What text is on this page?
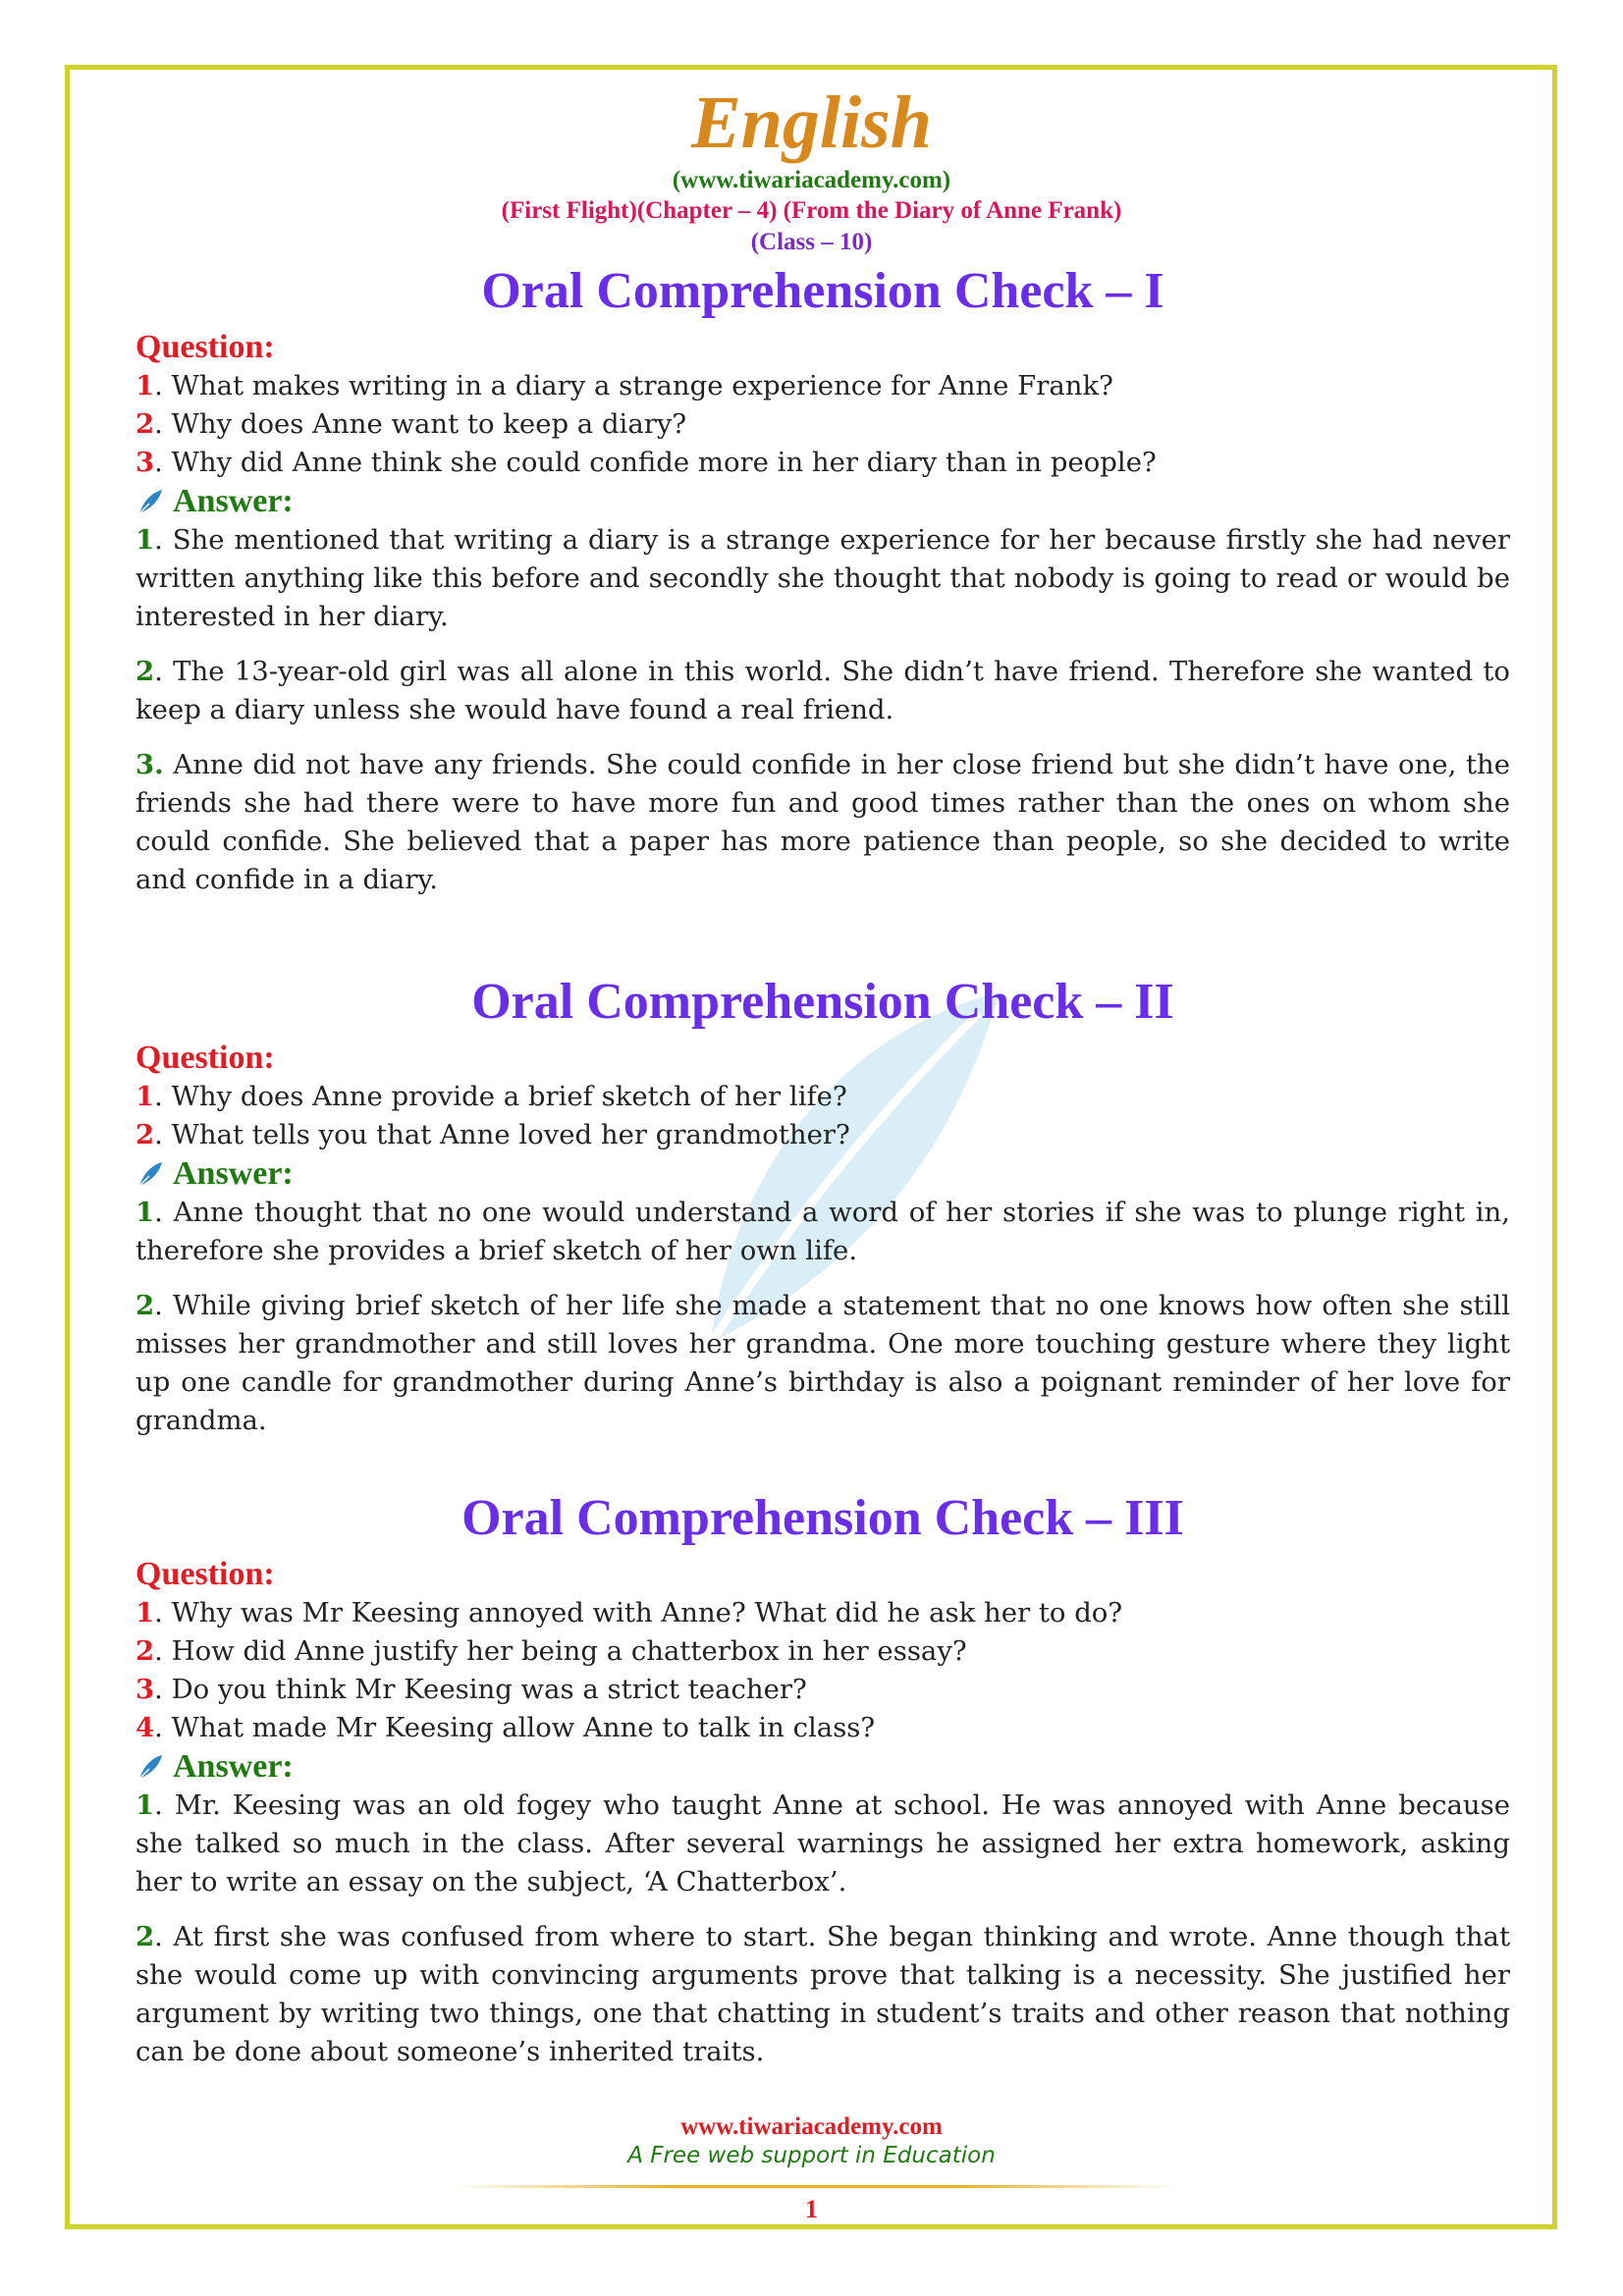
English
(www.tiwariacademy.com)
(First Flight)(Chapter – 4) (From the Diary of Anne Frank)
(Class – 10)
Oral Comprehension Check – I
Question:
1. What makes writing in a diary a strange experience for Anne Frank?
2. Why does Anne want to keep a diary?
3. Why did Anne think she could confide more in her diary than in people?
Answer:

1. She mentioned that writing a diary is a strange experience for her because firstly she had never written anything like this before and secondly she thought that nobody is going to read or would be interested in her diary.

2. The 13-year-old girl was all alone in this world. She didn’t have friend. Therefore she wanted to keep a diary unless she would have found a real friend.

3. Anne did not have any friends. She could confide in her close friend but she didn’t have one, the friends she had there were to have more fun and good times rather than the ones on whom she could confide. She believed that a paper has more patience than people, so she decided to write and confide in a diary.

Oral Comprehension Check – II
Question:
1. Why does Anne provide a brief sketch of her life?
2. What tells you that Anne loved her grandmother?
Answer:

1. Anne thought that no one would understand a word of her stories if she was to plunge right in, therefore she provides a brief sketch of her own life.

2. While giving brief sketch of her life she made a statement that no one knows how often she still misses her grandmother and still loves her grandma. One more touching gesture where they light up one candle for grandmother during Anne’s birthday is also a poignant reminder of her love for grandma.

Oral Comprehension Check – III
Question:
1. Why was Mr Keesing annoyed with Anne? What did he ask her to do?
2. How did Anne justify her being a chatterbox in her essay?
3. Do you think Mr Keesing was a strict teacher?
4. What made Mr Keesing allow Anne to talk in class?
Answer:

1. Mr. Keesing was an old fogey who taught Anne at school. He was annoyed with Anne because she talked so much in the class. After several warnings he assigned her extra homework, asking her to write an essay on the subject, ‘A Chatterbox’.

2. At first she was confused from where to start. She began thinking and wrote. Anne though that she would come up with convincing arguments prove that talking is a necessity. She justified her argument by writing two things, one that chatting in student’s traits and other reason that nothing can be done about someone’s inherited traits.

www.tiwariacademy.com
A Free web support in Education
1
